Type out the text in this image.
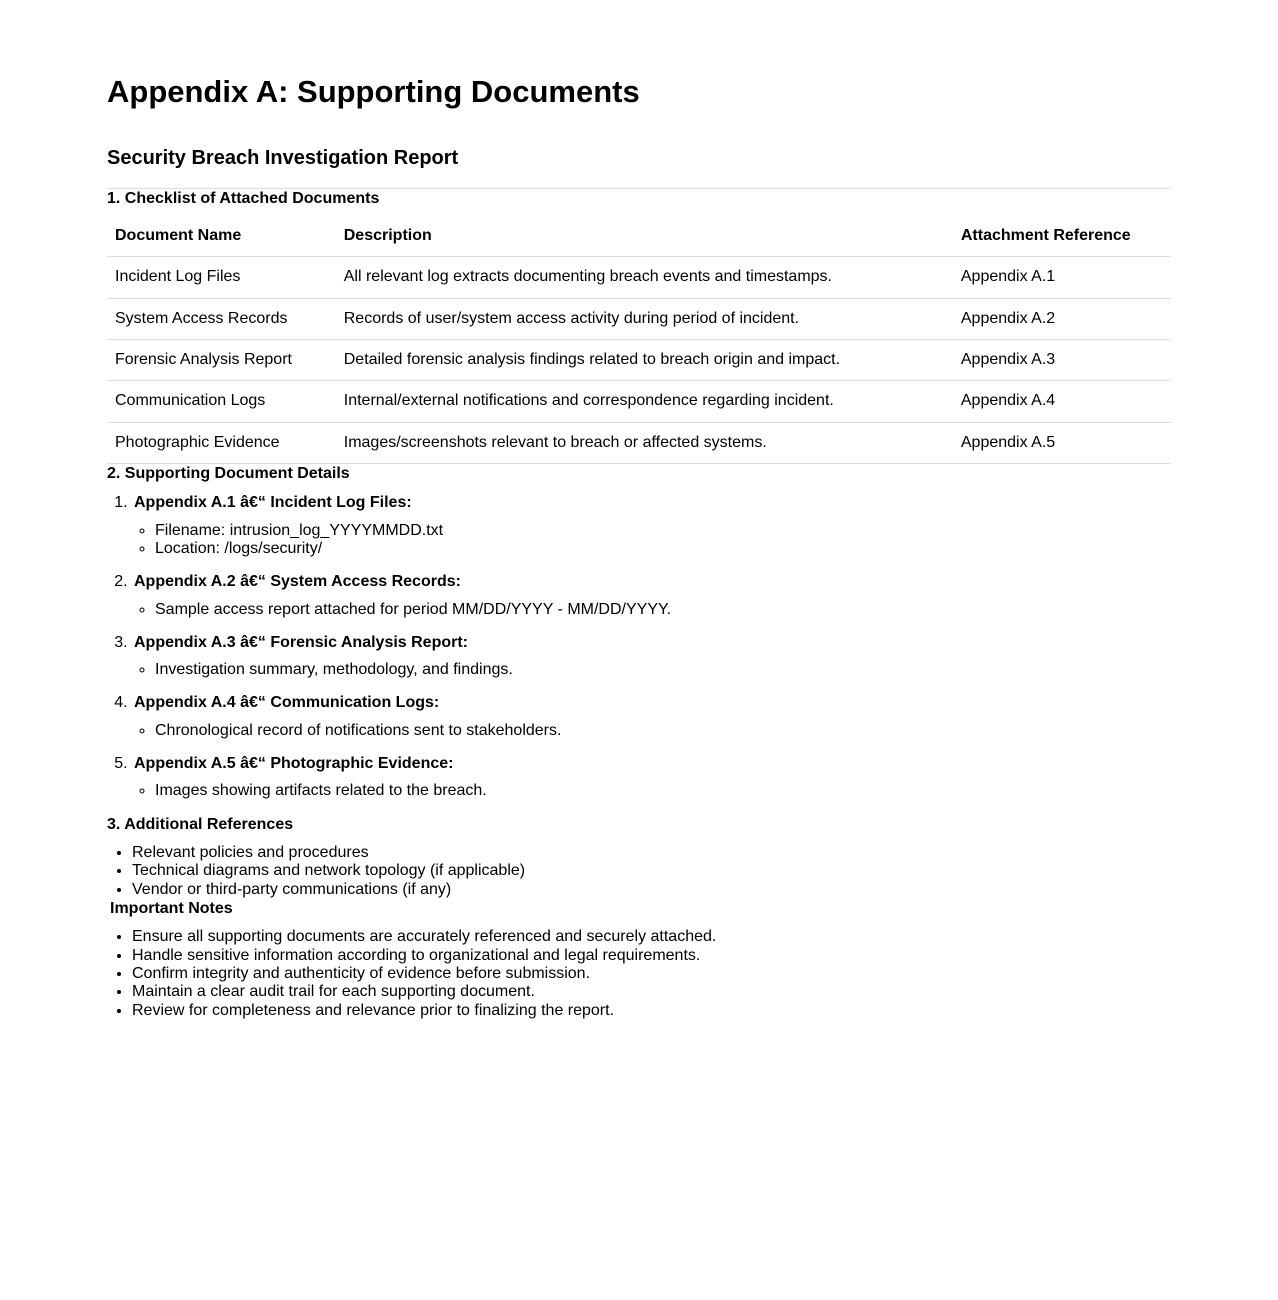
Appendix A: Supporting Documents
Security Breach Investigation Report
1. Checklist of Attached Documents
Document Name	Description	Attachment Reference
Incident Log Files	All relevant log extracts documenting breach events and timestamps.	Appendix A.1
System Access Records	Records of user/system access activity during period of incident.	Appendix A.2
Forensic Analysis Report	Detailed forensic analysis findings related to breach origin and impact.	Appendix A.3
Communication Logs	Internal/external notifications and correspondence regarding incident.	Appendix A.4
Photographic Evidence	Images/screenshots relevant to breach or affected systems.	Appendix A.5
2. Supporting Document Details
1. Appendix A.1 â€“ Incident Log Files:
◦ Filename: intrusion_log_YYYYMMDD.txt
◦ Location: /logs/security/
2. Appendix A.2 â€“ System Access Records:
◦ Sample access report attached for period MM/DD/YYYY - MM/DD/YYYY.
3. Appendix A.3 â€“ Forensic Analysis Report:
◦ Investigation summary, methodology, and findings.
4. Appendix A.4 â€“ Communication Logs:
◦ Chronological record of notifications sent to stakeholders.
5. Appendix A.5 â€“ Photographic Evidence:
◦ Images showing artifacts related to the breach.
3. Additional References
• Relevant policies and procedures
• Technical diagrams and network topology (if applicable)
• Vendor or third-party communications (if any)
Important Notes
• Ensure all supporting documents are accurately referenced and securely attached.
• Handle sensitive information according to organizational and legal requirements.
• Confirm integrity and authenticity of evidence before submission.
• Maintain a clear audit trail for each supporting document.
• Review for completeness and relevance prior to finalizing the report.
